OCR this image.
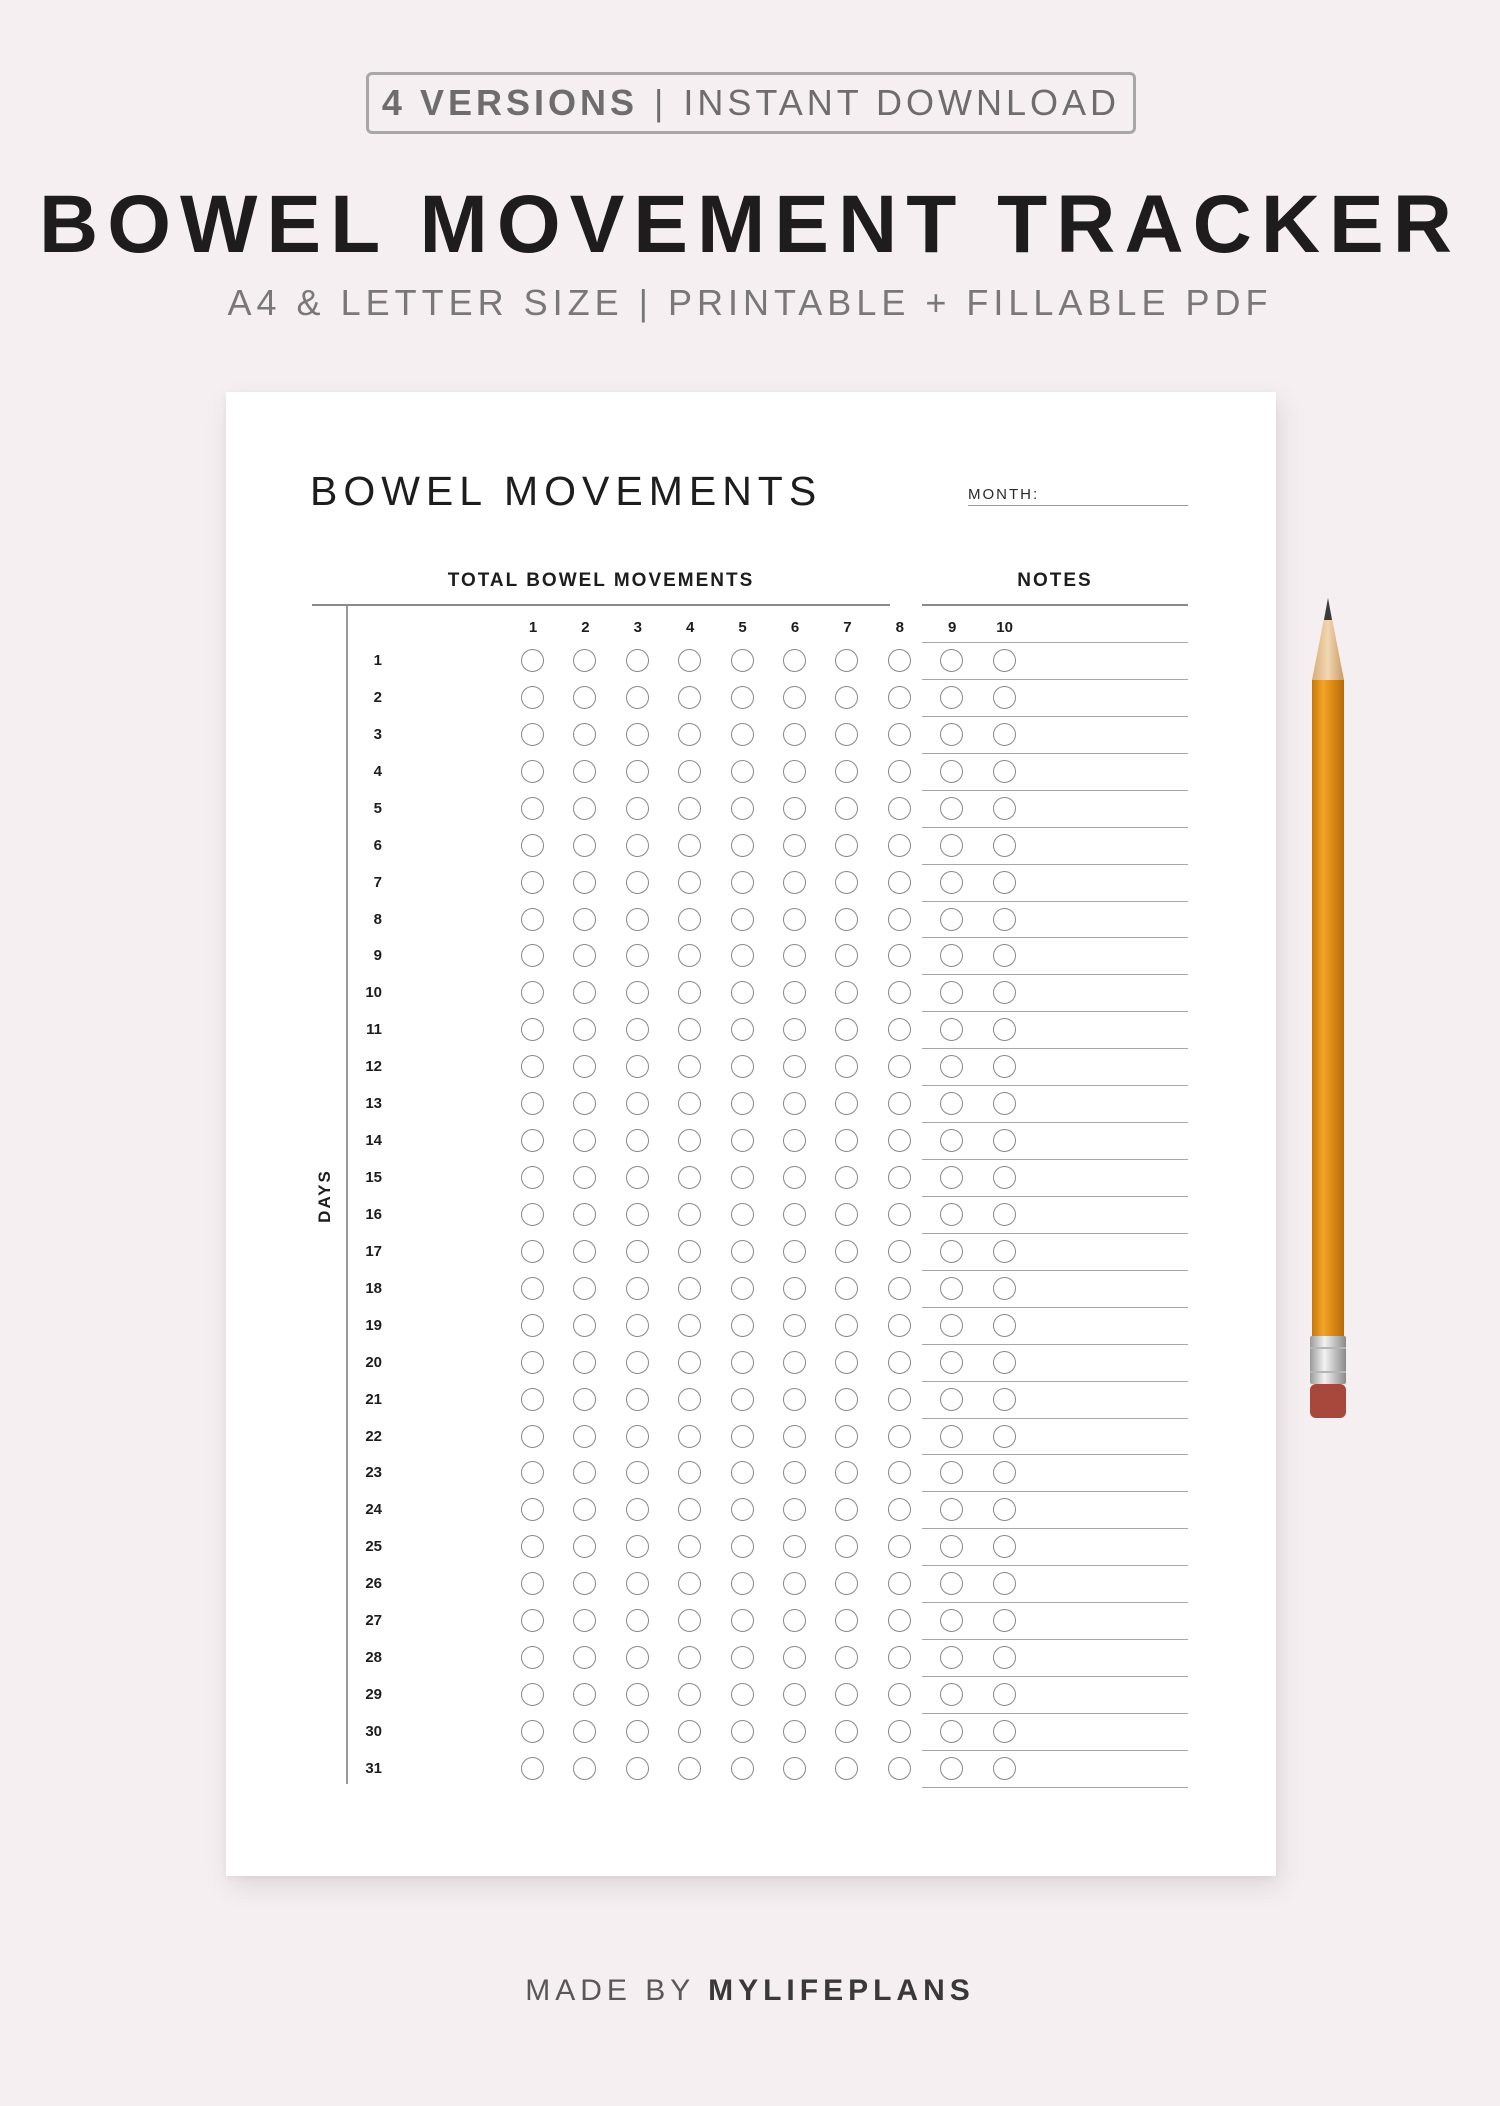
4 VERSIONS | INSTANT DOWNLOAD
BOWEL MOVEMENT TRACKER
A4 & LETTER SIZE | PRINTABLE + FILLABLE PDF
BOWEL MOVEMENTS	MONTH:
TOTAL BOWEL MOVEMENTS	NOTES
DAYS
1	2	3	4	5	6	7	8	9	10
1
2
3
4
5
6
7
8
9
10
11
12
13
14
15
16
17
18
19
20
21
22
23
24
25
26
27
28
29
30
31
MADE BY MYLIFEPLANS
